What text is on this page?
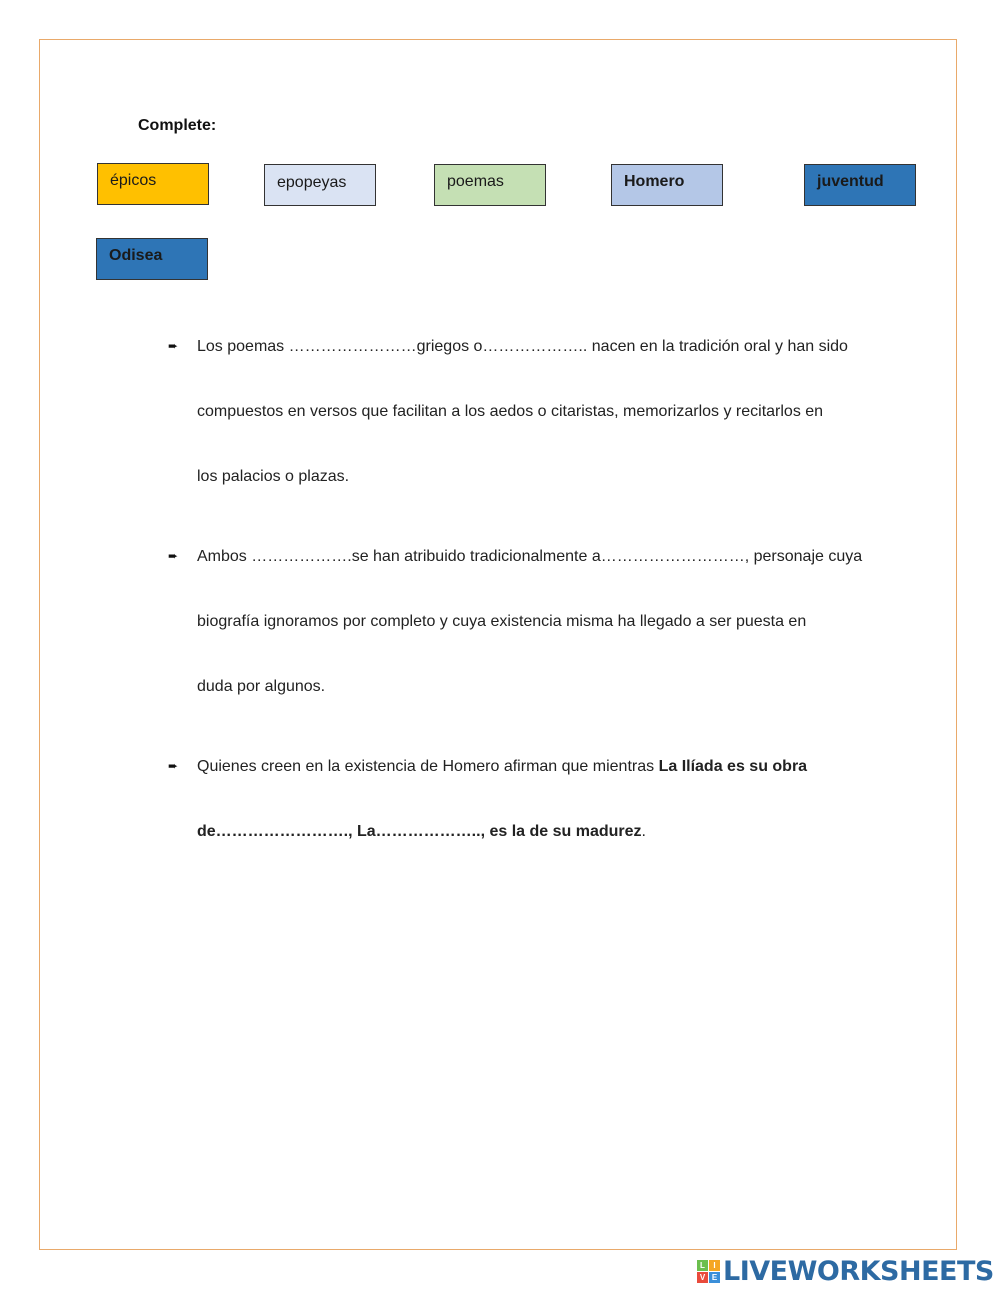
Complete:
épicos	epopeyas	poemas	Homero	juventud
Odisea
➨ Los poemas ……………………griegos o……………….. nacen en la tradición oral y han sido
compuestos en versos que facilitan a los aedos o citaristas, memorizarlos y recitarlos en
los palacios o plazas.
➨ Ambos ……………….se han atribuido tradicionalmente a………………………, personaje cuya
biografía ignoramos por completo y cuya existencia misma ha llegado a ser puesta en
duda por algunos.
➨ Quienes creen en la existencia de Homero afirman que mientras La Ilíada es su obra
de……………………., La……………….., es la de su madurez.
L	I
V E LIVEWORKSHEETS
